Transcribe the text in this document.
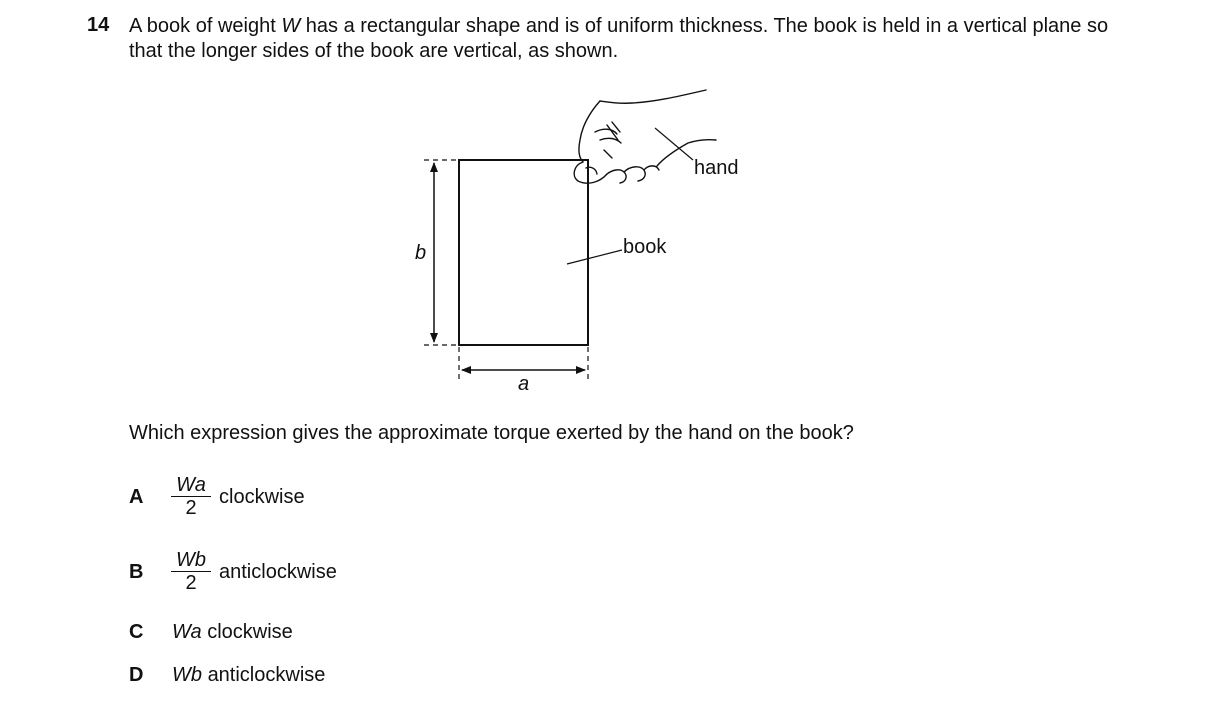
14 A book of weight W has a rectangular shape and is of uniform thickness. The book is held in a vertical plane so that the longer sides of the book are vertical, as shown.
hand
book
b
a
Which expression gives the approximate torque exerted by the hand on the book?
A $\frac{Wa}{2}$ clockwise
B $\frac{Wb}{2}$ anticlockwise
C Wa clockwise
D Wb anticlockwise
